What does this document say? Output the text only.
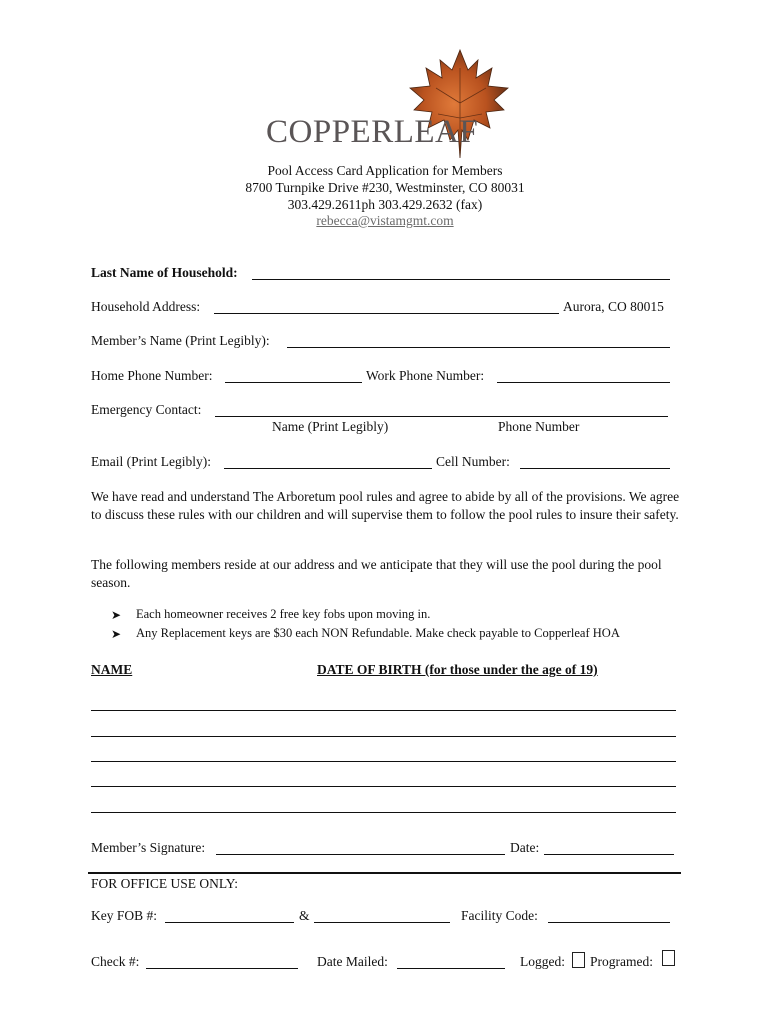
COPPERLEAF
Pool Access Card Application for Members
8700 Turnpike Drive #230, Westminster, CO 80031
303.429.2611ph 303.429.2632 (fax)
rebecca@vistamgmt.com
Last Name of Household:
Household Address:	Aurora, CO 80015
Member’s Name (Print Legibly):
Home Phone Number:	Work Phone Number:
Emergency Contact:
Name (Print Legibly)	Phone Number
Email (Print Legibly):	Cell Number:

We have read and understand The Arboretum pool rules and agree to abide by all of the provisions. We agree to discuss these rules with our children and will supervise them to follow the pool rules to insure their safety.

The following members reside at our address and we anticipate that they will use the pool during the pool season.

➤ Each homeowner receives 2 free key fobs upon moving in.
➤ Any Replacement keys are $30 each NON Refundable. Make check payable to Copperleaf HOA
NAME	DATE OF BIRTH (for those under the age of 19)
Member’s Signature:	Date:
FOR OFFICE USE ONLY:
Key FOB #:	&	Facility Code:
Check #:	Date Mailed:	Logged: Programed:
